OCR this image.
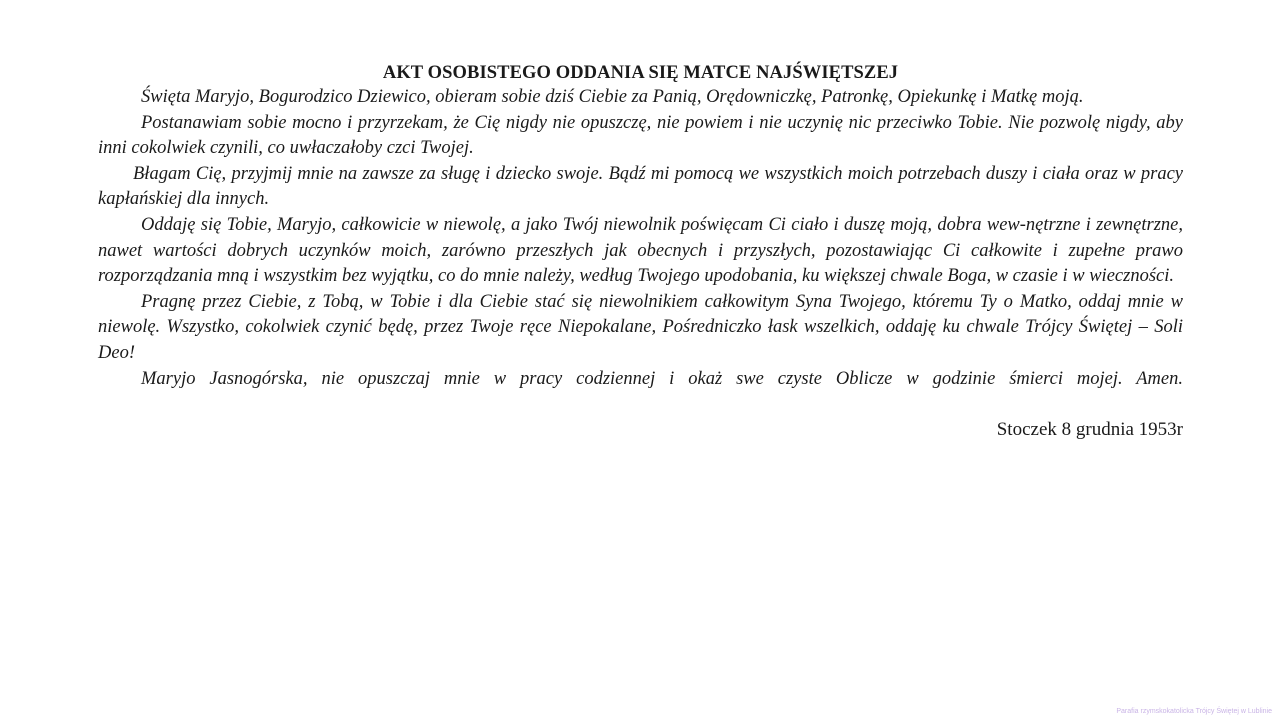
AKT OSOBISTEGO ODDANIA SIĘ MATCE NAJŚWIĘTSZEJ

Święta Maryjo, Bogurodzico Dziewico, obieram sobie dziś Ciebie za Panią, Orędowniczkę, Patronkę, Opiekunkę i Matkę moją.

Postanawiam sobie mocno i przyrzekam, że Cię nigdy nie opuszczę, nie powiem i nie uczynię nic przeciwko Tobie. Nie pozwolę nigdy, aby inni cokolwiek czynili, co uwłaczałoby czci Twojej.

Błagam Cię, przyjmij mnie na zawsze za sługę i dziecko swoje. Bądź mi pomocą we wszystkich moich potrzebach duszy i ciała oraz w pracy kapłańskiej dla innych.

Oddaję się Tobie, Maryjo, całkowicie w niewolę, a jako Twój niewolnik poświęcam Ci ciało i duszę moją, dobra wew-nętrzne i zewnętrzne, nawet wartości dobrych uczynków moich, zarówno przeszłych jak obecnych i przyszłych, pozostawiając Ci całkowite i zupełne prawo rozporządzania mną i wszystkim bez wyjątku, co do mnie należy, według Twojego upodobania, ku większej chwale Boga, w czasie i w wieczności.

Pragnę przez Ciebie, z Tobą, w Tobie i dla Ciebie stać się niewolnikiem całkowitym Syna Twojego, któremu Ty o Matko, oddaj mnie w niewolę. Wszystko, cokolwiek czynić będę, przez Twoje ręce Niepokalane, Pośredniczko łask wszelkich, oddaję ku chwale Trójcy Świętej – Soli Deo!

Maryjo Jasnogórska, nie opuszczaj mnie w pracy codziennej i okaż swe czyste Oblicze w godzinie śmierci mojej. Amen.

Stoczek 8 grudnia 1953r

Parafia rzymskokatolicka Trójcy Świętej w Lublinie
